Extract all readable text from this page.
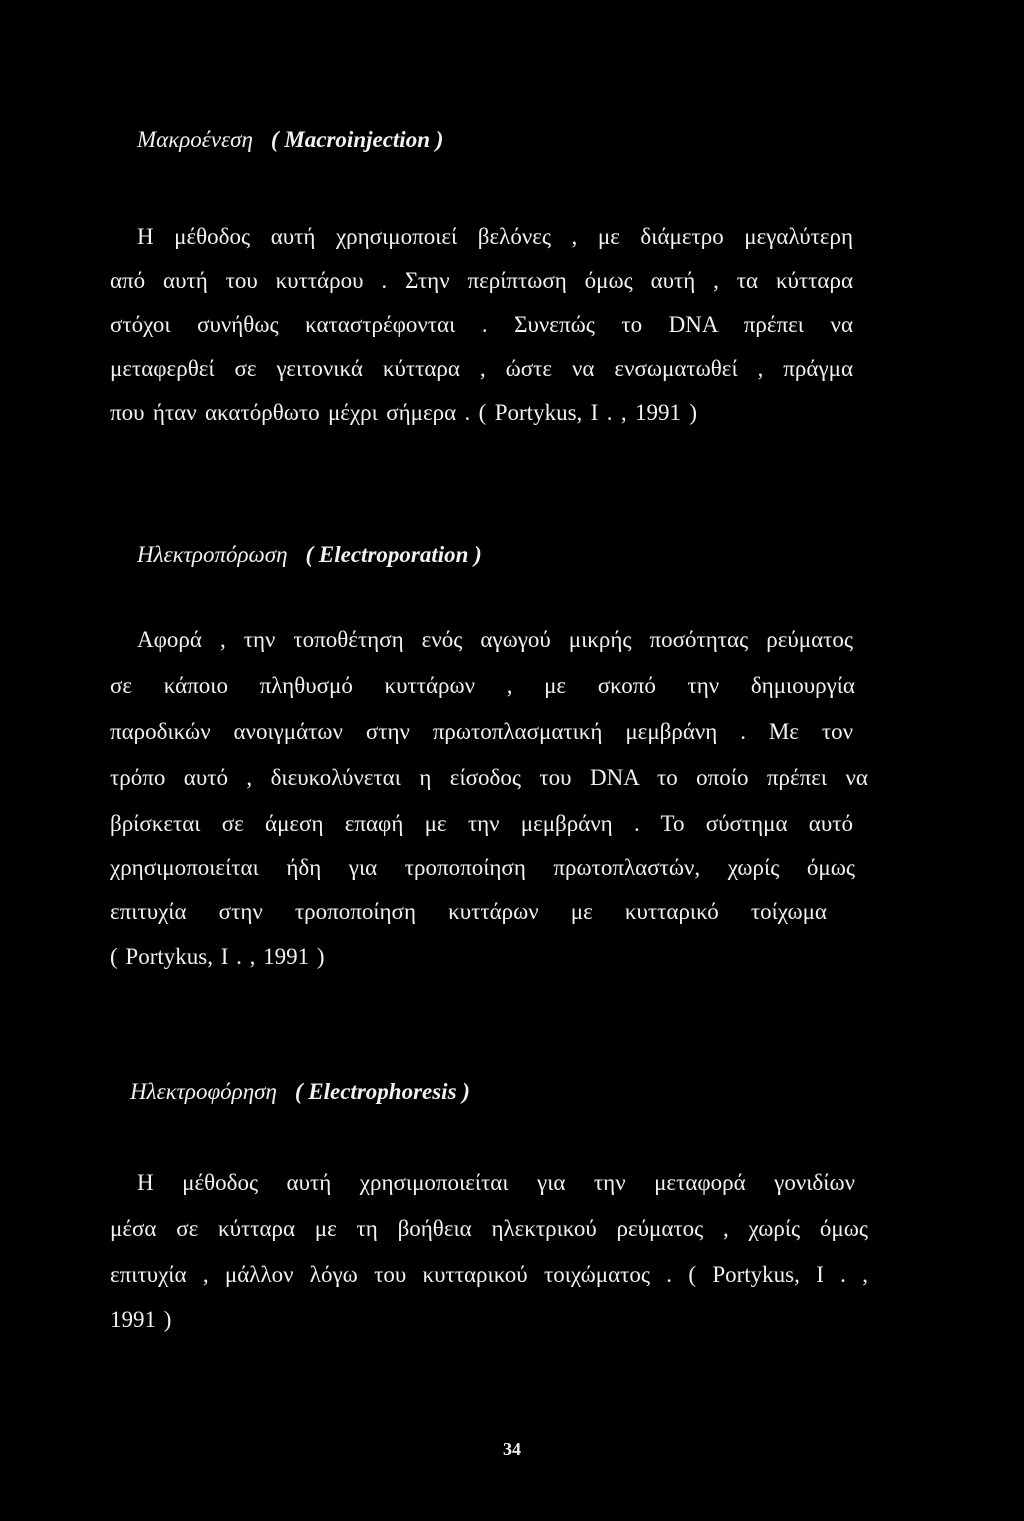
Μακροένεση ( Macroinjection )
Η μέθοδος αυτή χρησιμοποιεί βελόνες , με διάμετρο μεγαλύτερη
από αυτή του κυττάρου . Στην περίπτωση όμως αυτή , τα κύτταρα
στόχοι συνήθως καταστρέφονται . Συνεπώς το DNA πρέπει να
μεταφερθεί σε γειτονικά κύτταρα , ώστε να ενσωματωθεί , πράγμα
που ήταν ακατόρθωτο μέχρι σήμερα . ( Portykus, I . , 1991 )
Ηλεκτροπόρωση ( Electroporation )
Αφορά , την τοποθέτηση ενός αγωγού μικρής ποσότητας ρεύματος
σε κάποιο πληθυσμό κυττάρων , με σκοπό την δημιουργία
παροδικών ανοιγμάτων στην πρωτοπλασματική μεμβράνη . Με τον
τρόπο αυτό , διευκολύνεται η είσοδος του DNA το οποίο πρέπει να
βρίσκεται σε άμεση επαφή με την μεμβράνη . Το σύστημα αυτό
χρησιμοποιείται ήδη για τροποποίηση πρωτοπλαστών, χωρίς όμως
επιτυχία στην τροποποίηση κυττάρων με κυτταρικό τοίχωμα
( Portykus, I . , 1991 )
Ηλεκτροφόρηση ( Electrophoresis )
Η μέθοδος αυτή χρησιμοποιείται για την μεταφορά γονιδίων
μέσα σε κύτταρα με τη βοήθεια ηλεκτρικού ρεύματος , χωρίς όμως
επιτυχία , μάλλον λόγω του κυτταρικού τοιχώματος . ( Portykus, I . ,
1991 )
34
